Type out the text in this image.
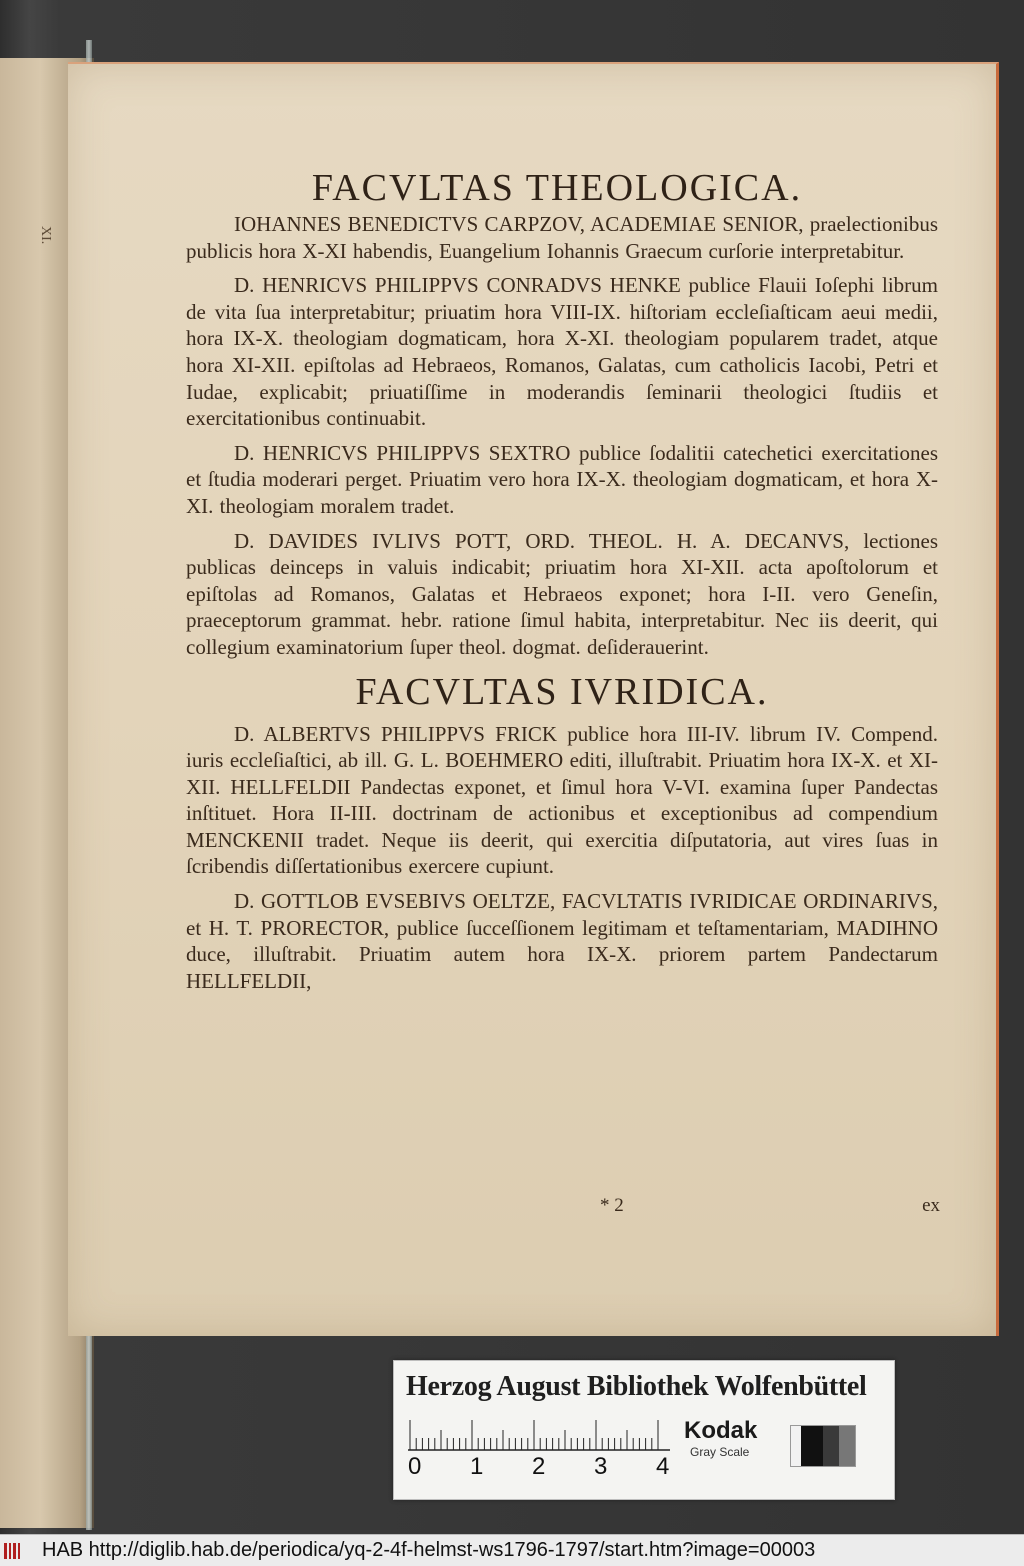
XI.
FACVLTAS THEOLOGICA.

IOHANNES BENEDICTVS CARPZOV, ACADEMIAE SENIOR, praelectionibus publicis hora X-XI habendis, Euangelium Iohannis Graecum curſorie interpretabitur.

D. HENRICVS PHILIPPVS CONRADVS HENKE publice Flauii Ioſephi librum de vita ſua interpretabitur; priuatim hora VIII-IX. hiſtoriam eccleſiaſticam aeui medii, hora IX-X. theologiam dogmaticam, hora X-XI. theologiam popularem tradet, atque hora XI-XII. epiſtolas ad Hebraeos, Romanos, Galatas, cum catholicis Iacobi, Petri et Iudae, explicabit; priuatiſſime in moderandis ſeminarii theologici ſtudiis et exercitationibus continuabit.

D. HENRICVS PHILIPPVS SEXTRO publice ſodalitii catechetici exercitationes et ſtudia moderari perget. Priuatim vero hora IX-X. theologiam dogmaticam, et hora X-XI. theologiam moralem tradet.

D. DAVIDES IVLIVS POTT, ORD. THEOL. H. A. DECANVS, lectiones publicas deinceps in valuis indicabit; priuatim hora XI-XII. acta apoſtolorum et epiſtolas ad Romanos, Galatas et Hebraeos exponet; hora I-II. vero Geneſin, praeceptorum grammat. hebr. ratione ſimul habita, interpretabitur. Nec iis deerit, qui collegium examinatorium ſuper theol. dogmat. deſiderauerint.

FACVLTAS IVRIDICA.

D. ALBERTVS PHILIPPVS FRICK publice hora III-IV. librum IV. Compend. iuris eccleſiaſtici, ab ill. G. L. BOEHMERO editi, illuſtrabit. Priuatim hora IX-X. et XI-XII. HELLFELDII Pandectas exponet, et ſimul hora V-VI. examina ſuper Pandectas inſtituet. Hora II-III. doctrinam de actionibus et exceptionibus ad compendium MENCKENII tradet. Neque iis deerit, qui exercitia diſputatoria, aut vires ſuas in ſcribendis diſſertationibus exercere cupiunt.

D. GOTTLOB EVSEBIVS OELTZE, FACVLTATIS IVRIDICAE ORDINARIVS, et H. T. PRORECTOR, publice ſucceſſionem legitimam et teſtamentariam, MADIHNO duce, illuſtrabit. Priuatim autem hora IX-X. priorem partem Pandectarum HELLFELDII,

* 2	ex
Herzog August Bibliothek Wolfenbüttel
0 1 2 3 4
Kodak
Gray Scale
HAB http://diglib.hab.de/periodica/yq-2-4f-helmst-ws1796-1797/start.htm?image=00003
